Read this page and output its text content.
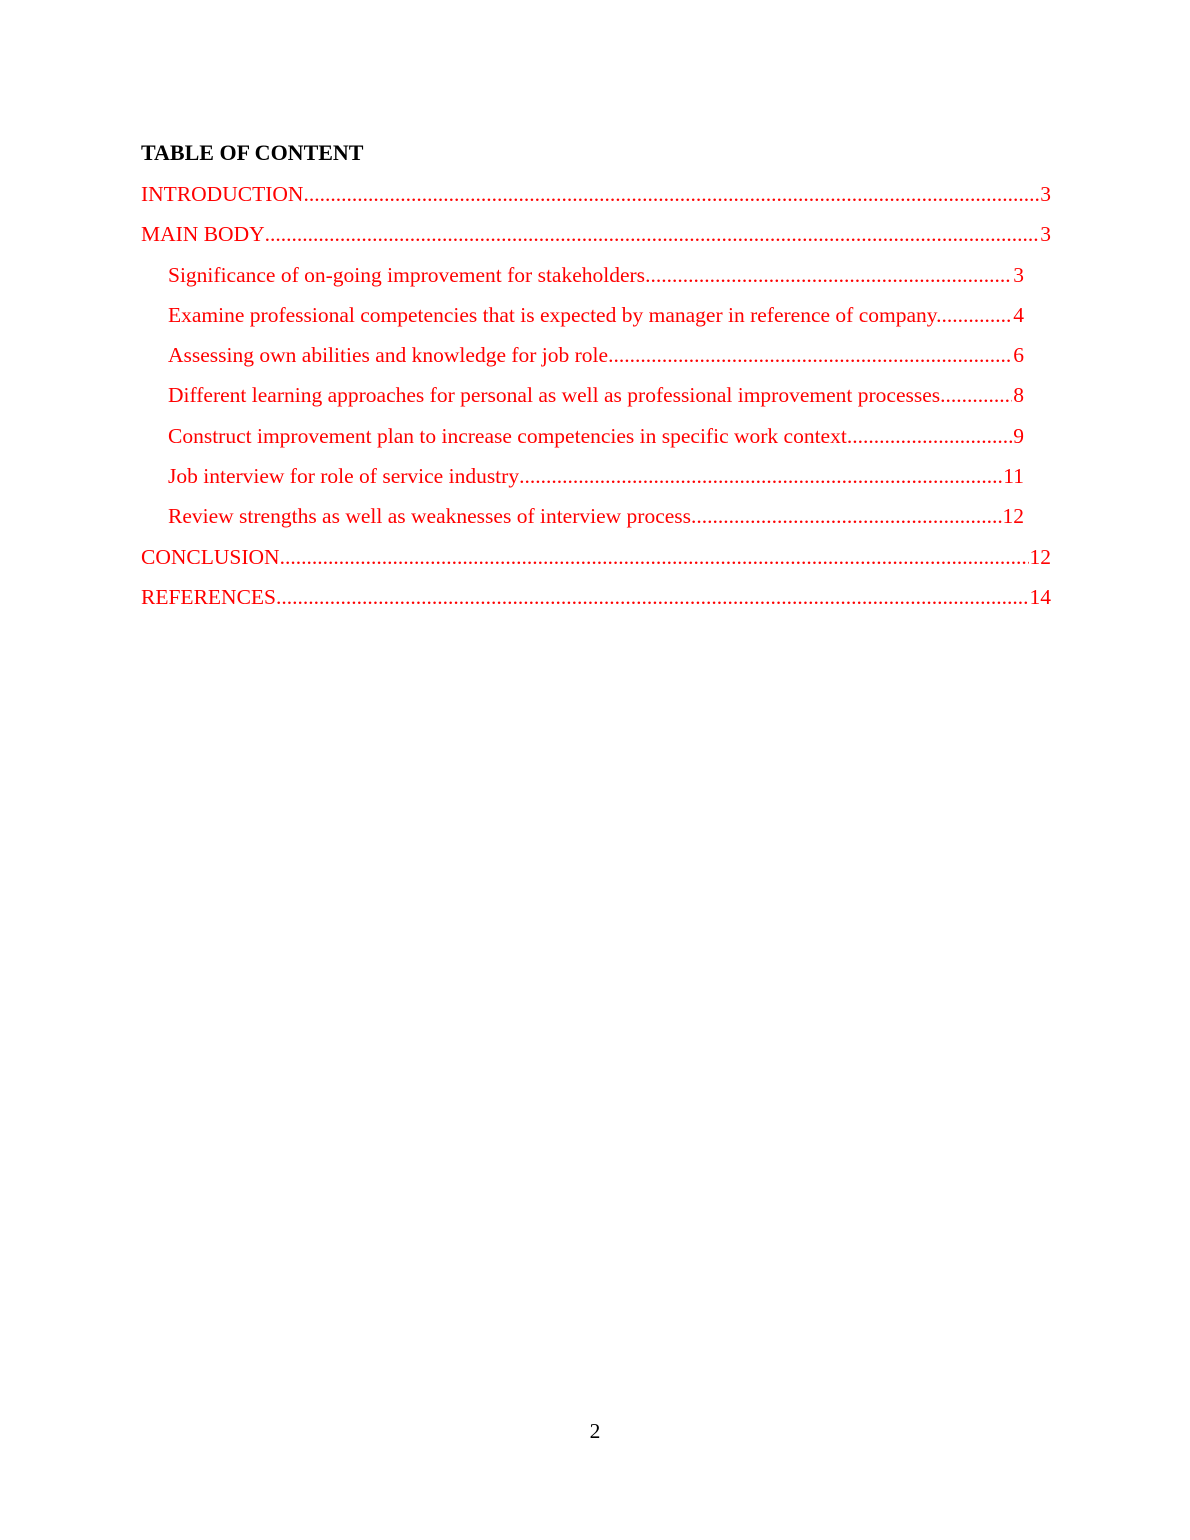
TABLE OF CONTENT
INTRODUCTION .....	3
MAIN BODY .....	3
Significance of on-going improvement for stakeholders .....	3
Examine professional competencies that is expected by manager in reference of company. .....	4
Assessing own abilities and knowledge for job role .....	6
Different learning approaches for personal as well as professional improvement processes. .....	8
Construct improvement plan to increase competencies in specific work context .....	9
Job interview for role of service industry .....	11
Review strengths as well as weaknesses of interview process .....	12
CONCLUSION .....	12
REFERENCES .....	14
2
